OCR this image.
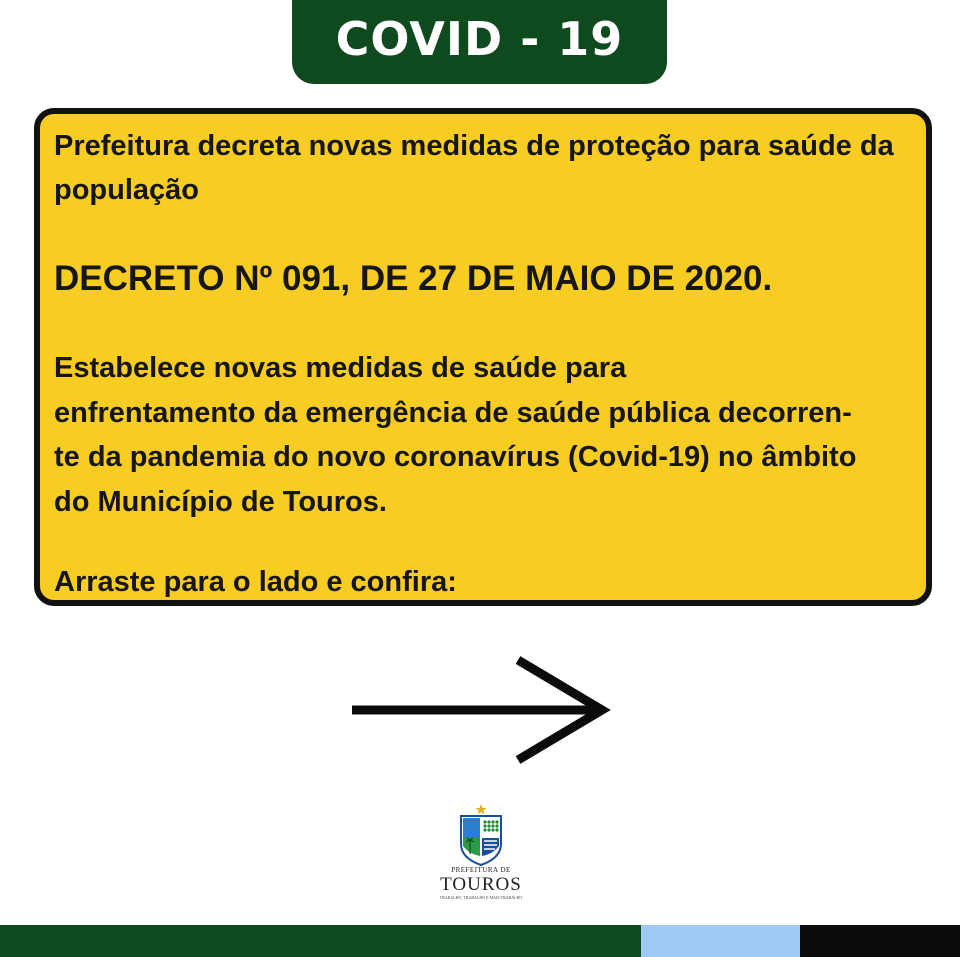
COVID - 19

Prefeitura decreta novas medidas de proteção para saúde da população

DECRETO Nº 091, DE 27 DE MAIO DE 2020.

Estabelece novas medidas de saúde para

enfrentamento da emergência de saúde pública decorren-

te da pandemia do novo coronavírus (Covid-19) no âmbito

do Município de Touros.

Arraste para o lado e confira:

PREFEITURA DE
TOUROS
TRABALHO, TRABALHO E MAIS TRABALHO
